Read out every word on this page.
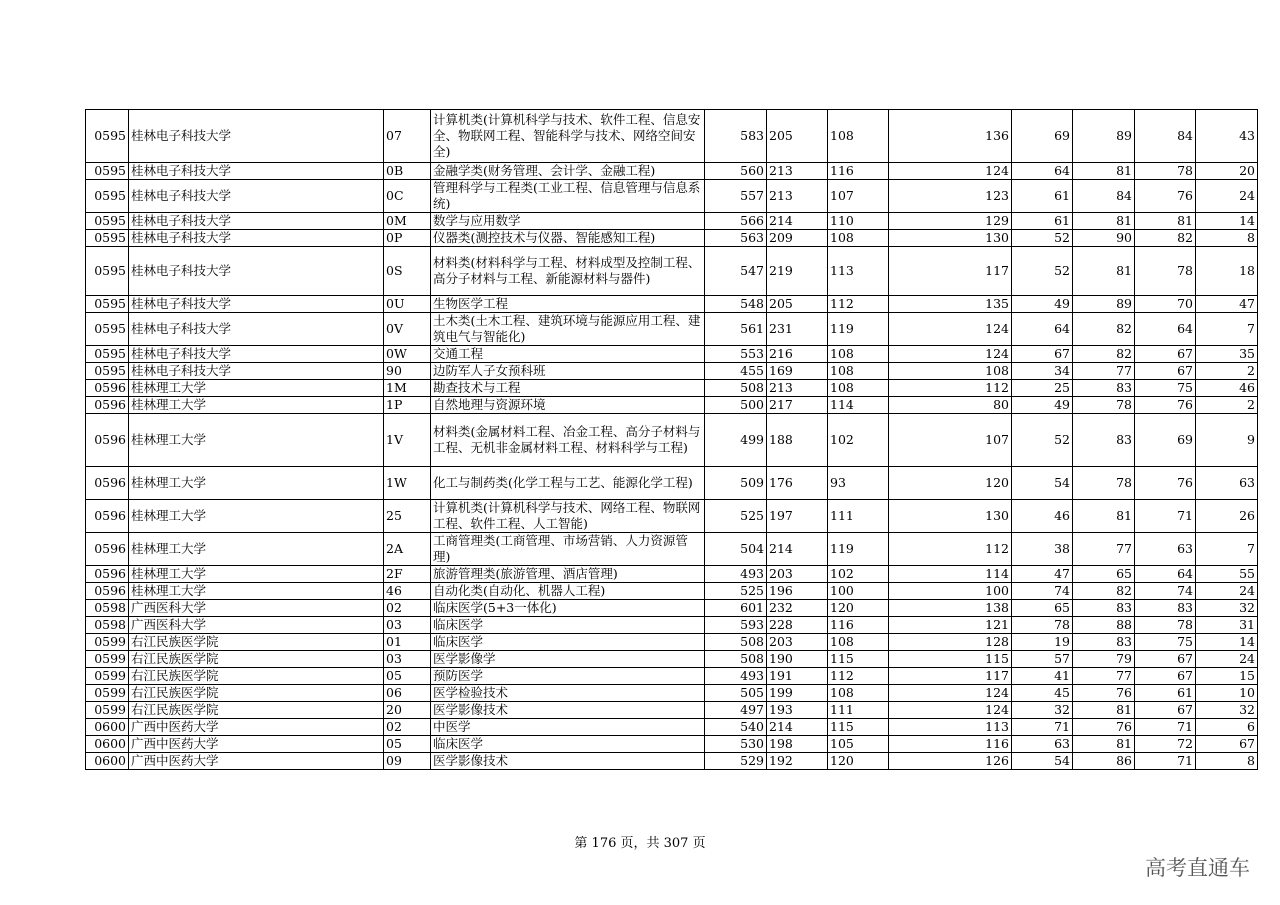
0595	桂林电子科技大学	07	计算机类(计算机科学与技术、软件工程、信息安全、物联网工程、智能科学与技术、网络空间安全)	583	205	108	136	69	89	84	43
0595	桂林电子科技大学	0B	金融学类(财务管理、会计学、金融工程)	560	213	116	124	64	81	78	20
0595	桂林电子科技大学	0C	管理科学与工程类(工业工程、信息管理与信息系统)	557	213	107	123	61	84	76	24
0595	桂林电子科技大学	0M	数学与应用数学	566	214	110	129	61	81	81	14
0595	桂林电子科技大学	0P	仪器类(测控技术与仪器、智能感知工程)	563	209	108	130	52	90	82	8
0595	桂林电子科技大学	0S	材料类(材料科学与工程、材料成型及控制工程、高分子材料与工程、新能源材料与器件)	547	219	113	117	52	81	78	18
0595	桂林电子科技大学	0U	生物医学工程	548	205	112	135	49	89	70	47
0595	桂林电子科技大学	0V	土木类(土木工程、建筑环境与能源应用工程、建筑电气与智能化)	561	231	119	124	64	82	64	7
0595	桂林电子科技大学	0W	交通工程	553	216	108	124	67	82	67	35
0595	桂林电子科技大学	90	边防军人子女预科班	455	169	108	108	34	77	67	2
0596	桂林理工大学	1M	勘查技术与工程	508	213	108	112	25	83	75	46
0596	桂林理工大学	1P	自然地理与资源环境	500	217	114	80	49	78	76	2
0596	桂林理工大学	1V	材料类(金属材料工程、冶金工程、高分子材料与工程、无机非金属材料工程、材料科学与工程)	499	188	102	107	52	83	69	9
0596	桂林理工大学	1W	化工与制药类(化学工程与工艺、能源化学工程)	509	176	93	120	54	78	76	63
0596	桂林理工大学	25	计算机类(计算机科学与技术、网络工程、物联网工程、软件工程、人工智能)	525	197	111	130	46	81	71	26
0596	桂林理工大学	2A	工商管理类(工商管理、市场营销、人力资源管理)	504	214	119	112	38	77	63	7
0596	桂林理工大学	2F	旅游管理类(旅游管理、酒店管理)	493	203	102	114	47	65	64	55
0596	桂林理工大学	46	自动化类(自动化、机器人工程)	525	196	100	100	74	82	74	24
0598	广西医科大学	02	临床医学(5+3一体化)	601	232	120	138	65	83	83	32
0598	广西医科大学	03	临床医学	593	228	116	121	78	88	78	31
0599	右江民族医学院	01	临床医学	508	203	108	128	19	83	75	14
0599	右江民族医学院	03	医学影像学	508	190	115	115	57	79	67	24
0599	右江民族医学院	05	预防医学	493	191	112	117	41	77	67	15
0599	右江民族医学院	06	医学检验技术	505	199	108	124	45	76	61	10
0599	右江民族医学院	20	医学影像技术	497	193	111	124	32	81	67	32
0600	广西中医药大学	02	中医学	540	214	115	113	71	76	71	6
0600	广西中医药大学	05	临床医学	530	198	105	116	63	81	72	67
0600	广西中医药大学	09	医学影像技术	529	192	120	126	54	86	71	8
第 176 页，共 307 页
高考直通车
